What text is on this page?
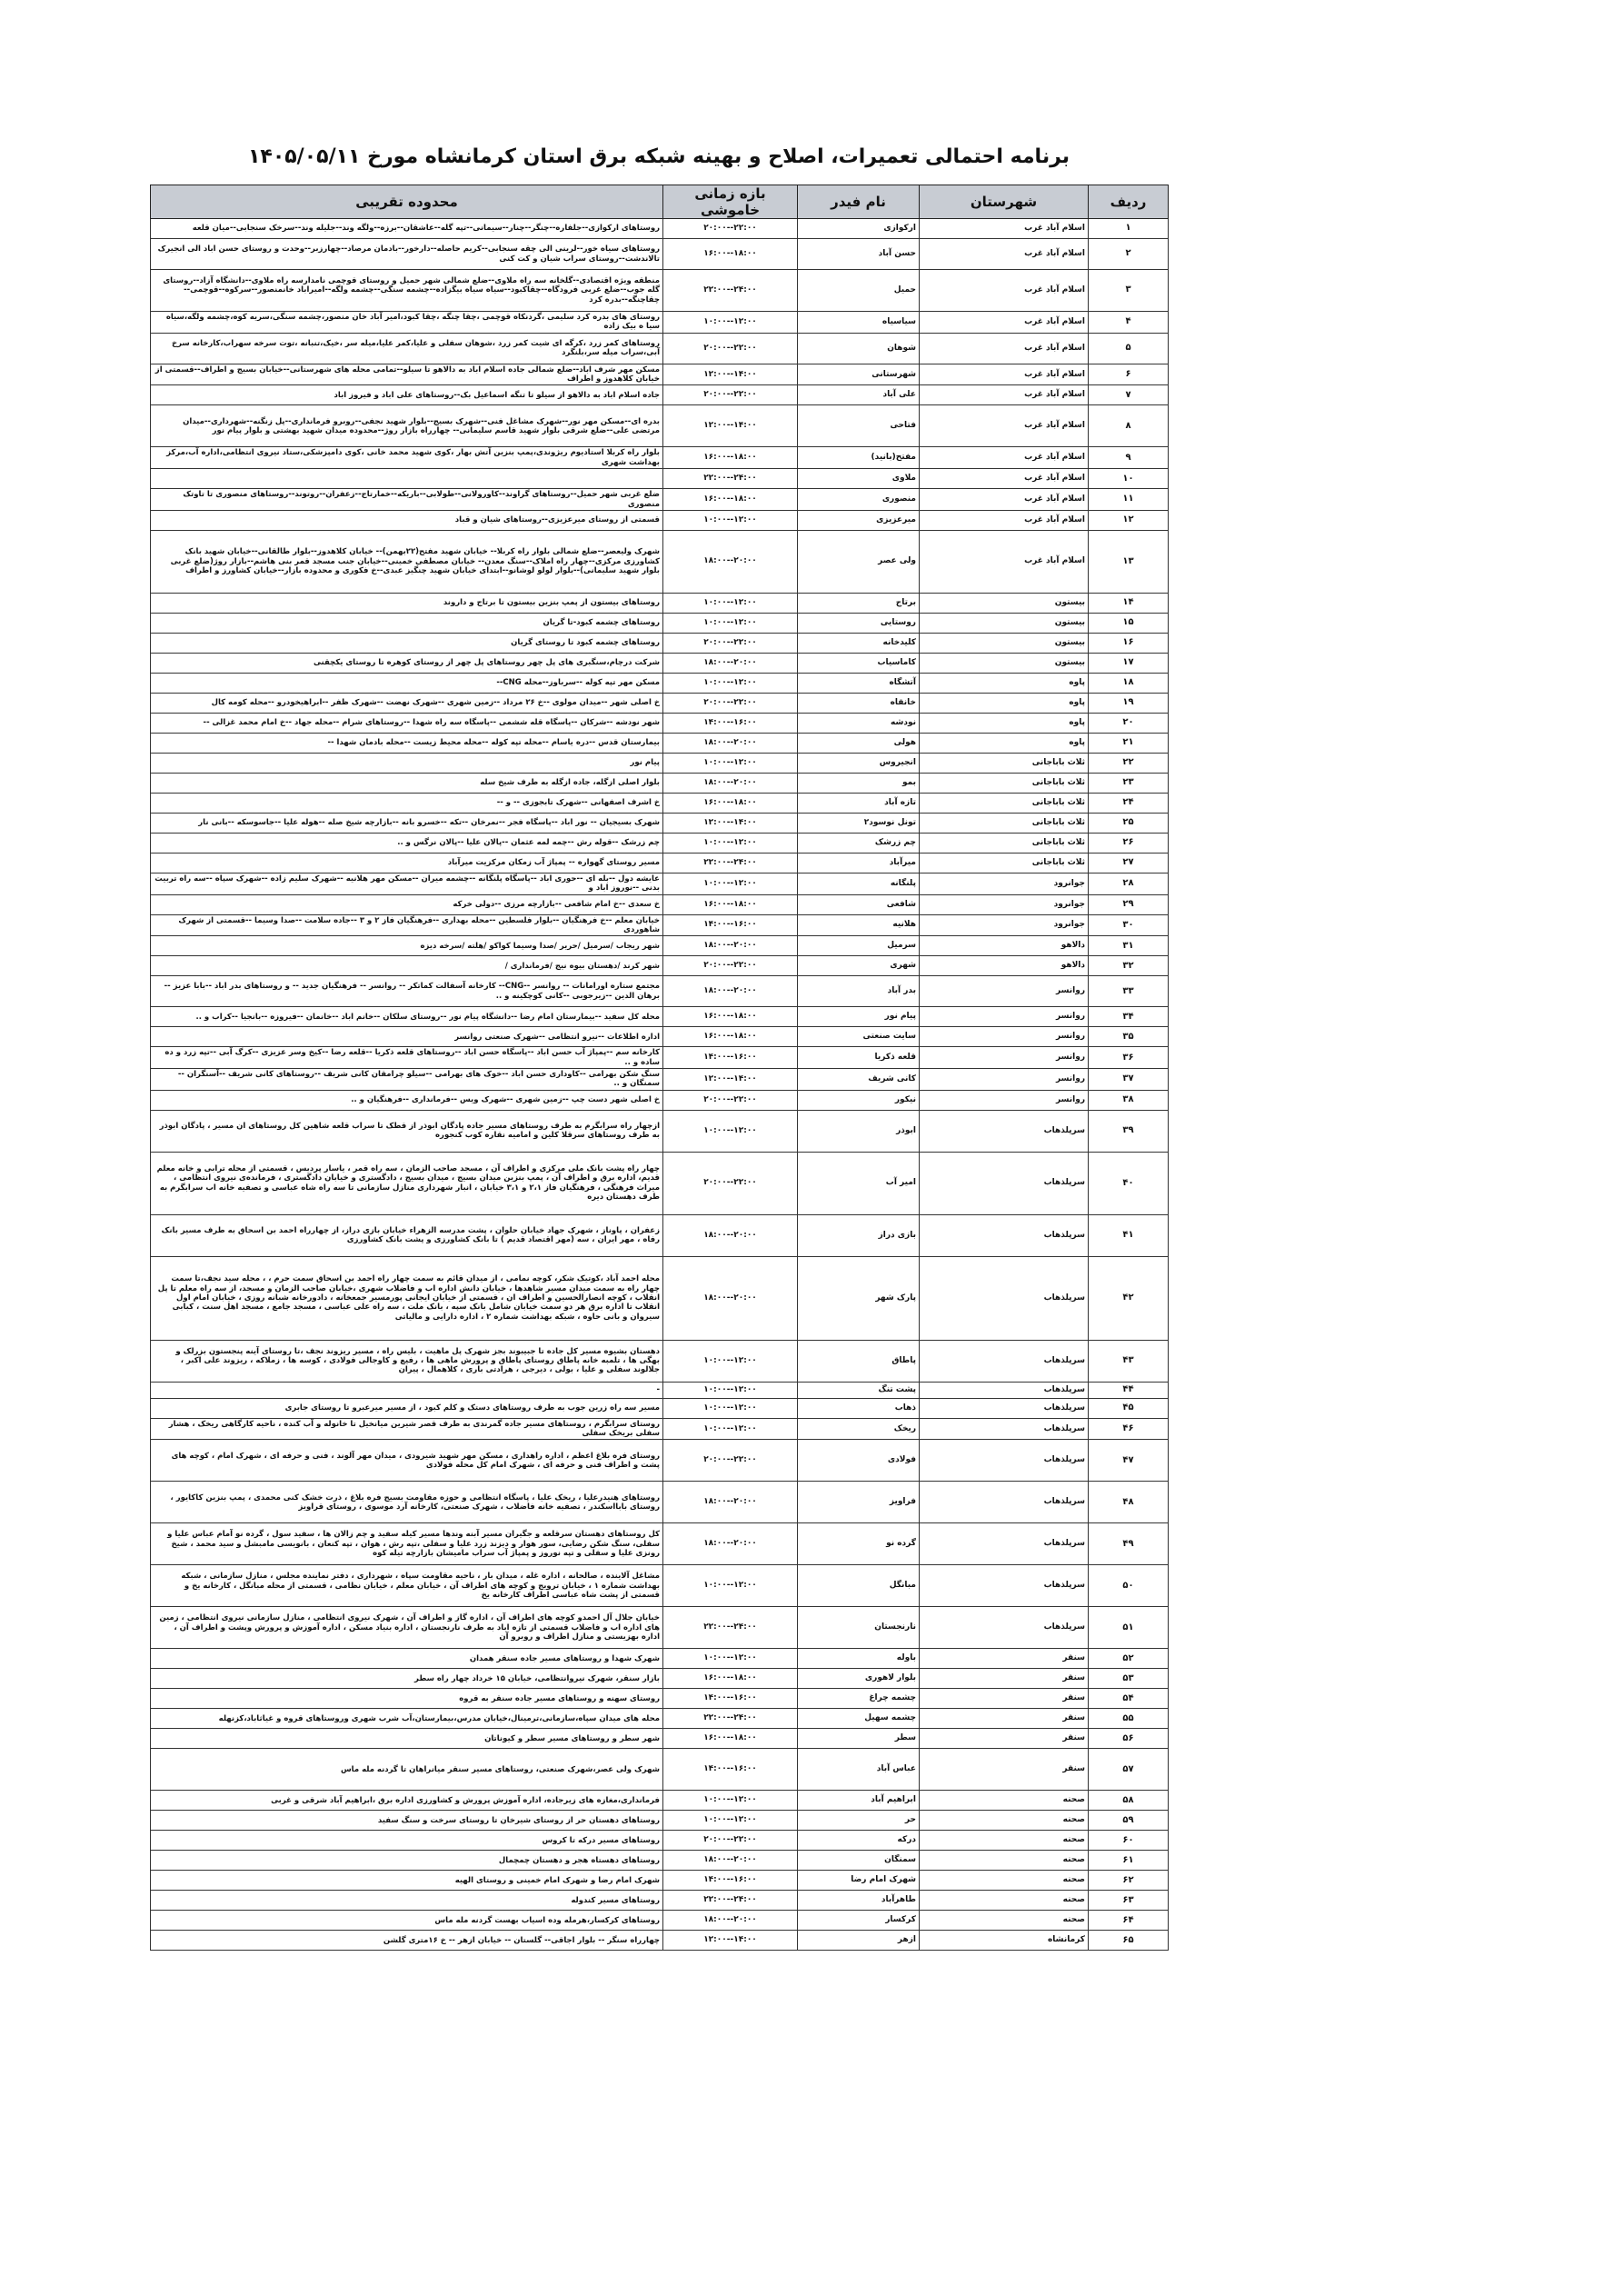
برنامه احتمالی تعمیرات، اصلاح و بهینه شبکه برق استان کرمانشاه مورخ ۱۴۰۵/۰۵/۱۱
ردیف	شهرستان	نام فیدر	بازه زمانی خاموشی	محدوده تقریبی
۱	اسلام آباد غرب	ارکوازی	۲۰:۰۰--۲۲:۰۰	روستاهای ارکوازی--جلفاره--چنگر--چنار--سیمانی--تپه گله--عاشقان--برزه--ولگه وند--جلیله وند--سرخک سنجابی--میان قلعه
۲	اسلام آباد غرب	حسن آباد	۱۶:۰۰--۱۸:۰۰	روستاهای سیاه خور--لرینی الی چقه سنجابی--کریم حاصله--دارخور--بادمان مرصاد--چهارزبر--وحدت و روستای حسن اباد الی انجیرک تالاندشت--روستای سراب شیان و کت کنی
۳	اسلام آباد غرب	حمیل	۲۲:۰۰--۲۴:۰۰	منطقه ویژه اقتصادی--گلخانه سه راه ملاوی--ضلع شمالی شهر حمیل و روستای قوچمی نامدارسه راه ملاوی--دانشگاه آزاد--روستای گله جوب--ضلع غربی فرودگاه--چقاکبود--سیاه سیاه بیگزاده--چشمه سنگی--چشمه ولگه--امیراباد خانمنصور--سرکوه--قوچمی--چقاچنگه--بدره کرد
۴	اسلام آباد غرب	سیاسیاه	۱۰:۰۰--۱۲:۰۰	روستای های بدره کرد سلیمی ،گردنکاه قوچمی ،چقا چنگه ،چقا کبود،امیر آباد خان منصور،چشمه سنگی،سریه کوه،چشمه ولگه،سیاه سیا ه بیک زاده
۵	اسلام آباد غرب	شوهان	۲۰:۰۰--۲۲:۰۰	روستاهای کمر زرد ،کرگه ای شیت کمر زرد ،شوهان سفلی و علیا،کمر علیا،میله سر ،خیک،تنبانه ،توت سرخه سهراب،کارخانه سرخ آبی،سراب میله سر،بلنگرد
۶	اسلام آباد غرب	شهرستانی	۱۲:۰۰--۱۴:۰۰	مسکن مهر شرف اباد--ضلع شمالی جاده اسلام اباد به دالاهو تا سیلو--تمامی محله های شهرستانی--خیابان بسیج و اطراف--قسمتی از خیابان کلاهدوز و اطراف
۷	اسلام آباد غرب	علی آباد	۲۰:۰۰--۲۲:۰۰	جاده اسلام اباد به دالاهو از سیلو تا تنگه اسماعیل بک--روستاهای علی اباد و فیروز اباد
۸	اسلام آباد غرب	فتاحی	۱۲:۰۰--۱۴:۰۰	بدره ای--مسکن مهر نور--شهرک مشاغل فنی--شهرک بسیج--بلوار شهید نجفی--روبرو فرمانداری--پل زنگنه--شهرداری--میدان مرتضی علی--ضلع شرقی بلوار شهید قاسم سلیمانی-- چهارراه بازار روژ--محدوده میدان شهید بهشتی و بلوار پیام نور
۹	اسلام آباد غرب	مفتح(بانید)	۱۶:۰۰--۱۸:۰۰	بلوار راه کربلا استادیوم ریژوندی،پمپ بنزین آتش بهار ،کوی شهید محمد خانی ،کوی دامپزشکی،ستاد نیروی انتظامی،اداره آب،مرکز بهداشت شهری
۱۰	اسلام آباد غرب	ملاوی	۲۲:۰۰--۲۴:۰۰	
۱۱	اسلام آباد غرب	منصوری	۱۶:۰۰--۱۸:۰۰	ضلع غربی شهر حمیل--روستاهای گراوند--کاورولانی--طولابی--باریکه--خمارتاج--زعفران--روتوند--روستاهای منصوری تا تاوتک منصوری
۱۲	اسلام آباد غرب	میرعزیزی	۱۰:۰۰--۱۲:۰۰	قسمتی از روستای میرعزیزی--روستاهای شیان و قباد
۱۳	اسلام آباد غرب	ولی عصر	۱۸:۰۰--۲۰:۰۰	شهرک ولیعصر--ضلع شمالی بلوار راه کربلا-- خیابان شهید مفتح(۲۲بهمن)-- خیابان کلاهدوز--بلوار طالقانی--خیابان شهید بانک کشاورزی مرکزی--چهار راه املاک--سنگ معدن-- خیابان مصطفی خمینی--خیابان جنب مسجد قمر بنی هاشم--بازار روژ(ضلع غربی بلوار شهید سلیمانی)--بلوار لولو لوشانو--ابتدای خیابان شهید چنگیز عبدی--خ فکوری و محدوده بازار--خیابان کشاورز و اطراف
۱۴	بیستون	برتاج	۱۰:۰۰--۱۲:۰۰	روستاهای بیستون از پمپ بنزین بیستون تا برتاج و داروند
۱۵	بیستون	روستایی	۱۰:۰۰--۱۲:۰۰	روستاهای چشمه کبود-تا گریان
۱۶	بیستون	کلیدخانه	۲۰:۰۰--۲۲:۰۰	روستاهای چشمه کبود تا روستای گریان
۱۷	بیستون	کاماسیاب	۱۸:۰۰--۲۰:۰۰	شرکت درچام،سنگبری های پل چهر روستاهای پل چهر از روستای کوهره تا روستای یکچقنی
۱۸	پاوه	آتشگاه	۱۰:۰۰--۱۲:۰۰	مسکن مهر تپه کوله --سرباوز--محله CNG--
۱۹	پاوه	خانقاه	۲۰:۰۰--۲۲:۰۰	خ اصلی شهر --میدان مولوی --خ ۲۶ مرداد --زمین شهری --شهرک نهضت --شهرک ظفر --ابراهیخودرو --محله کومه کال
۲۰	پاوه	نودشه	۱۴:۰۰--۱۶:۰۰	شهر نودشه --شرکان --پاسگاه قله ششمی --پاسگاه سه راه شهدا --روستاهای شرام --محله جهاد --خ امام محمد غزالی --
۲۱	پاوه	هولی	۱۸:۰۰--۲۰:۰۰	بیمارستان قدس --دره یاسام --محله تپه کوله --محله محیط زیست --محله بادمان شهدا --
۲۲	ثلاث باباجانی	انجیروس	۱۰:۰۰--۱۲:۰۰	پیام نور
۲۳	ثلاث باباجانی	بمو	۱۸:۰۰--۲۰:۰۰	بلوار اصلی ازگله، جاده ازگله به طرف شیخ سله
۲۴	ثلاث باباجانی	تازه آباد	۱۶:۰۰--۱۸:۰۰	خ اشرف اصفهانی --شهرک تابجوزی -- و --
۲۵	ثلاث باباجانی	تونل نوسود۲	۱۲:۰۰--۱۴:۰۰	شهرک بسیجیان -- نور اباد --پاسگاه فجر --نمرخان --تکه --خسرو بانه --بازارچه شیخ صله --هوله علیا --جاسوسکه --بانی نار
۲۶	ثلاث باباجانی	چم زرشک	۱۰:۰۰--۱۲:۰۰	چم زرشک --قوله رش --چمه لمه عثمان --پالان علیا --پالان نرگس و ..
۲۷	ثلاث باباجانی	میرآباد	۲۲:۰۰--۲۴:۰۰	مسیر روستای گهواره -- پمپاژ آب زمکان مرکزیت میرآباد
۲۸	جوانرود	پلنگانه	۱۰:۰۰--۱۲:۰۰	عایشه دول --بله ای --حوری اباد --پاسگاه پلنگانه --چشمه میران --مسکن مهر هلانیه --شهرک سلیم زاده --شهرک سپاه --سه راه تربیت بدنی --نوروز اباد و
۲۹	جوانرود	شافعی	۱۶:۰۰--۱۸:۰۰	خ سعدی --خ امام شافعی --بازارچه مرزی --دولی خرکه
۳۰	جوانرود	هلانیه	۱۴:۰۰--۱۶:۰۰	خیابان معلم --خ فرهنگیان --بلوار فلسطین --محله بهداری --فرهنگیان فاز ۲ و ۳ --جاده سلامت --صدا وسیما --قسمتی از شهرک شاهوردی
۳۱	دالاهو	سرمیل	۱۸:۰۰--۲۰:۰۰	شهر ریجاب /سرمیل /حریر /صدا وسیما کواکو /هلته /سرخه دیزه
۳۲	دالاهو	شهری	۲۰:۰۰--۲۲:۰۰	شهر کرند /دهستان بیوه نیج /فرمانداری /
۳۳	روانسر	بدر آباد	۱۸:۰۰--۲۰:۰۰	مجتمع ستاره اورامانات -- روانسر --CNG-- کارخانه آسفالت کماتکر -- روانسر -- فرهنگیان جدید -- و روستاهای بدر اباد --بابا عزیز --برهان الدین --زیرجوبی --کانی کوچکینه و ..
۳۴	روانسر	پیام نور	۱۶:۰۰--۱۸:۰۰	محله کل سفید --بیمارستان امام رضا --دانشگاه پیام نور --روستای سلکان --خانم اباد --خانمان --فیروزه --بانجیا --کراب و ..
۳۵	روانسر	سایت صنعتی	۱۶:۰۰--۱۸:۰۰	اداره اطلاعات --نیرو انتظامی --شهرک صنعتی روانسر
۳۶	روانسر	قلعه ذکریا	۱۴:۰۰--۱۶:۰۰	کارخانه سم --پمپاژ آب حسن اباد --پاسگاه حسن اباد --روستاهای قلعه ذکریا --قلعه رضا --کیخ وسر عزیزی --کرگ آبی --تپه زرد و ده ساده و ..
۳۷	روانسر	کانی شریف	۱۲:۰۰--۱۴:۰۰	سنگ شکن بهرامی --کاوداری حسن اباد --خوک های بهرامی --سیلو چرامقان کانی شریف --روستاهای کانی شریف --آسنگران --سمنگان و ..
۳۸	روانسر	نیکور	۲۰:۰۰--۲۲:۰۰	خ اصلی شهر دست چپ --زمین شهری --شهرک ویس --فرمانداری --فرهنگیان و ..
۳۹	سرپلذهاب	ابوذر	۱۰:۰۰--۱۲:۰۰	ازچهار راه سرابگرم به طرف روستاهای مسیر جاده پادگان ابوذر از قطک تا سراب قلعه شاهین کل روستاهای ان مسیر ، پادگان ابوذر به طرف روستاهای سرقلا کلین و امامیه نقاره کوب کنجوره
۴۰	سرپلذهاب	امیر آب	۲۰:۰۰--۲۲:۰۰	چهار راه پشت بانک ملی مرکزی و اطراف آن ، مسجد صاحب الزمان ، سه راه قمر ، یاسار پردیس ، قسمتی از محله ترابی و خانه معلم قدیم، اداره برق و اطراف آن ، پمپ بنزین میدان بسیج ، میدان بسیج ، دادگستری و خیابان دادگستری ، فرمانده‌ی نیروی انتظامی ، میراث فرهنگی ، فرهنگیان فاز ۲،۱ و ۳،۱ خیابان ، انبار شهرداری منازل سازمانی تا سه راه شاه عباسی و تصفیه خانه اب سرابگرم به طرف دهستان دیره
۴۱	سرپلذهاب	بازی دراز	۱۸:۰۰--۲۰:۰۰	زعفران ، پاوناز ، شهرک جهاد خیابان حلوان ، پشت مدرسه الزهراء خیابان بازی دراز، از چهارراه احمد بن اسحاق به طرف مسیر بانک رفاه ، مهر ایران ، سه (مهر اقتصاد قدیم ) تا بانک کشاورزی و پشت بانک کشاورزی
۴۲	سرپلذهاب	پارک شهر	۱۸:۰۰--۲۰:۰۰	محله احمد آباد ،کوتیک شکر، کوچه نمامی ، از میدان قائم به سمت چهار راه احمد بن اسحاق سمت حرم ، ، محله سید نجف،تا سمت چهار راه به سمت میدان مسیر شاهدها ، خیابان دانش اداره اب و فاضلاب شهری ،خیابان صاحب الزمان و مسجد، از سه راه معلم تا پل انقلاب ، کوچه انصارالحسین و اطراف ان ، قسمتی از خیابان ایجانی پورمسیر جمعخانه ، دادورخانه شبانه روزی ، خیابان امام اول انقلاب تا اداره برق هر دو سمت خیابان شامل بانک سپه ، بانک ملت ، سه راه علی عباسی ، مسجد جامع ، مسجد اهل سنت ، کبابی سیروان و بانی حاوه ، شبکه بهداشت شماره ۲ ، اداره دارایی و مالیاتی
۴۳	سرپلذهاب	پاطاق	۱۰:۰۰--۱۲:۰۰	دهستان بشیوه مسیر کل جاده تا جبیبوند بجز شهرک پل ماهیت ، بلیس راه ، مسیر ریزوند نجف ،تا روستای آینه پنجستون بزرلک و بهگی ها ، تلمبه خانه پاطاق روستای پاطاق و پرورش ماهی ها ، رفیع و کاوجالی فولادی ، کوسه ها ، زملاکه ، ریزوند علی اکبر ، جلالوند سفلی و علیا ، بولی ، دیرجی ، هرادتی باری ، کلاهمال ، پیران
۴۴	سرپلذهاب	پشت تنگ	۱۰:۰۰--۱۲:۰۰	-
۴۵	سرپلذهاب	ذهاب	۱۰:۰۰--۱۲:۰۰	مسیر سه راه زرین جوب به طرف روستاهای دستک و کلم کبود ، از مسیر میرعبرو تا روستای جابری
۴۶	سرپلذهاب	ریخک	۱۰:۰۰--۱۲:۰۰	روستای سرابگرم ، روستاهای مسیر جاده گمرندی به طرف قصر شیرین میانخیل تا خانوله و آب کنده ، ناحیه کارگاهی ریخک ، هشار سفلی بریخک سفلی
۴۷	سرپلذهاب	فولادی	۲۰:۰۰--۲۲:۰۰	روستای فره بلاغ اعظم ، اداره راهداری ، مسکن مهر شهید شیرودی ، میدان مهر آلوند ، فنی و حرفه ای ، شهرک امام ، کوچه های پشت و اطراف فنی و حرفه ای ، شهرک امام کل محله فولادی
۴۸	سرپلذهاب	فراویز	۱۸:۰۰--۲۰:۰۰	روستاهای هنیدرعلیا ، ریخک علیا ، پاسگاه انتظامی و حوزه مقاومت بسیج فره بلاغ ، ذرت خشک کنی محمدی ، پمپ بنزین کاکایور ، روستای بابااسکندر ، تصفیه خانه فاضلاب ، شهرک صنعتی، کارخانه آرد موسوی ، روستای قراویز
۴۹	سرپلذهاب	گرده نو	۱۸:۰۰--۲۰:۰۰	کل روستاهای دهستان سرقلعه و جگیران مسیر آبنه وندها مسیر کیله سفید و چم زالان ها ، سفید سول ، گرده نو آمام عباس علیا و سفلی، سنگ شکن رضایی، سور هوار و دیزند زرد علیا و سفلی ،تپه رش ، هوان ، تپه کنعان ، بانویسی مامبشل و سید محمد ، شیخ رونزی علیا و سفلی و تپه نوروز و پمپاژ آب سراب مامیشان بازارچه تیله کوه
۵۰	سرپلذهاب	مبانگل	۱۰:۰۰--۱۲:۰۰	مشاغل آلاینده ، صالحانه ، اداره غله ، میدان بار ، ناحیه مقاومت سپاه ، شهرداری ، دفتر نماینده مجلس ، منازل سازمانی ، شبکه بهداشت شماره ۱ ، خیابان ترویج و کوچه های اطراف آن ، خیابان معلم ، خیابان نظامی ، قسمتی از محله مبانگل ، کارخانه یخ و قسمتی از پشت شاه عباسی اطراف کارخانه یخ
۵۱	سرپلذهاب	نارنجستان	۲۲:۰۰--۲۴:۰۰	خیابان جلال آل احمدو کوچه های اطراف آن ، اداره گاز و اطراف آن ، شهرک نیروی انتظامی ، منازل سازمانی نیروی انتظامی ، زمین های اداره اب و فاضلاب قسمتی از تازه اباد به طرف نارنجستان ، اداره بنیاد مسکن ، اداره آموزش و پرورش وپشت و اطراف آن ، اداره بهزیستی و منازل اطراف و روبرو آن
۵۲	سنقر	باوله	۱۰:۰۰--۱۲:۰۰	شهرک شهدا و روستاهای مسیر جاده سنقر همدان
۵۳	سنقر	بلوار لاهوری	۱۶:۰۰--۱۸:۰۰	بازار سنقر، شهرک نیروانتظامی، خیابان ۱۵ خرداد چهار راه سطر
۵۴	سنقر	چشمه چراغ	۱۴:۰۰--۱۶:۰۰	روستای سهنه و روستاهای مسیر جاده سنقر به قروه
۵۵	سنقر	چشمه سهیل	۲۲:۰۰--۲۴:۰۰	محله های میدان سپاه،سازمانی،ترمینال،خیابان مدرس،بیمارستان،آب شرب شهری وروستاهای قروه و غیاثاباد،کزنهله
۵۶	سنقر	سطر	۱۶:۰۰--۱۸:۰۰	شهر سطر و روستاهای مسیر سطر و کیوناتان
۵۷	سنقر	عباس آباد	۱۴:۰۰--۱۶:۰۰	شهرک ولی عصر،شهرک صنعتی، روستاهای مسیر سنقر میانراهان تا گردنه مله ماس
۵۸	صحنه	ابراهیم آباد	۱۰:۰۰--۱۲:۰۰	فرمانداری،مغازه های زیرجاده، اداره آموزش پرورش و کشاورزی اداره برق ،ابراهیم آباد شرقی و غربی
۵۹	صحنه	حر	۱۰:۰۰--۱۲:۰۰	روستاهای دهستان حر از روستای شیرخان تا روستای سرخت و سنگ سفید
۶۰	صحنه	درکه	۲۰:۰۰--۲۲:۰۰	روستاهای مسیر درکه تا کروس
۶۱	صحنه	سمنگان	۱۸:۰۰--۲۰:۰۰	روستاهای دهستاه هجر و دهستان چمچمال
۶۲	صحنه	شهرک امام رضا	۱۴:۰۰--۱۶:۰۰	شهرک امام رضا و شهرک امام خمینی و روستای الهیه
۶۳	صحنه	طاهرآباد	۲۲:۰۰--۲۴:۰۰	روستاهای مسیر کندوله
۶۴	صحنه	کرکسار	۱۸:۰۰--۲۰:۰۰	روستاهای کرکسار،هرمله وده اسیاب بهست گردنه مله ماس
۶۵	کرمانشاه	ازهر	۱۲:۰۰--۱۴:۰۰	چهارراه سنگر -- بلوار اجاقی-- گلستان -- خیابان ازهر -- خ ۱۶متری گلشن
